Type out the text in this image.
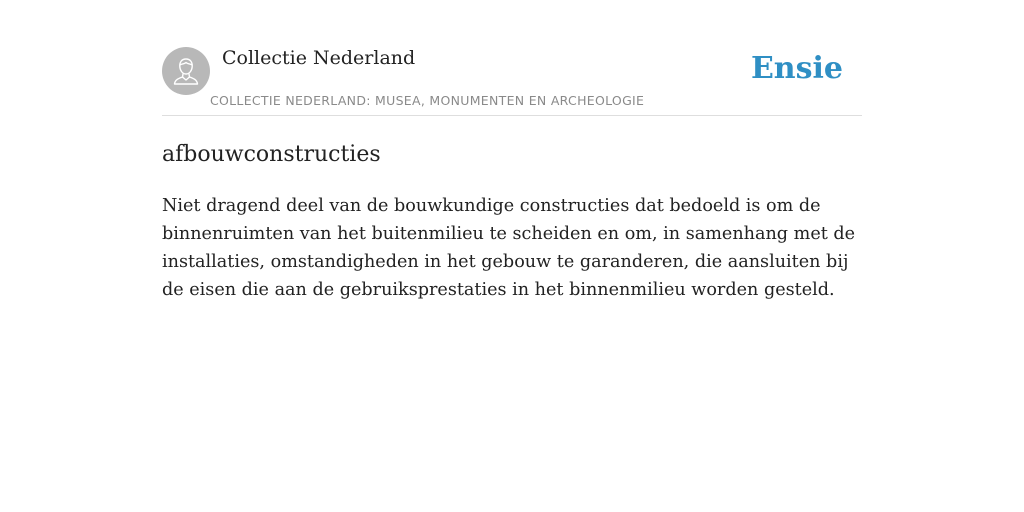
Collectie Nederland
COLLECTIE NEDERLAND: MUSEA, MONUMENTEN EN ARCHEOLOGIE
Ensie
afbouwconstructies

Niet dragend deel van de bouwkundige constructies dat bedoeld is om de binnenruimten van het buitenmilieu te scheiden en om, in samenhang met de installaties, omstandigheden in het gebouw te garanderen, die aansluiten bij de eisen die aan de gebruiksprestaties in het binnenmilieu worden gesteld.
